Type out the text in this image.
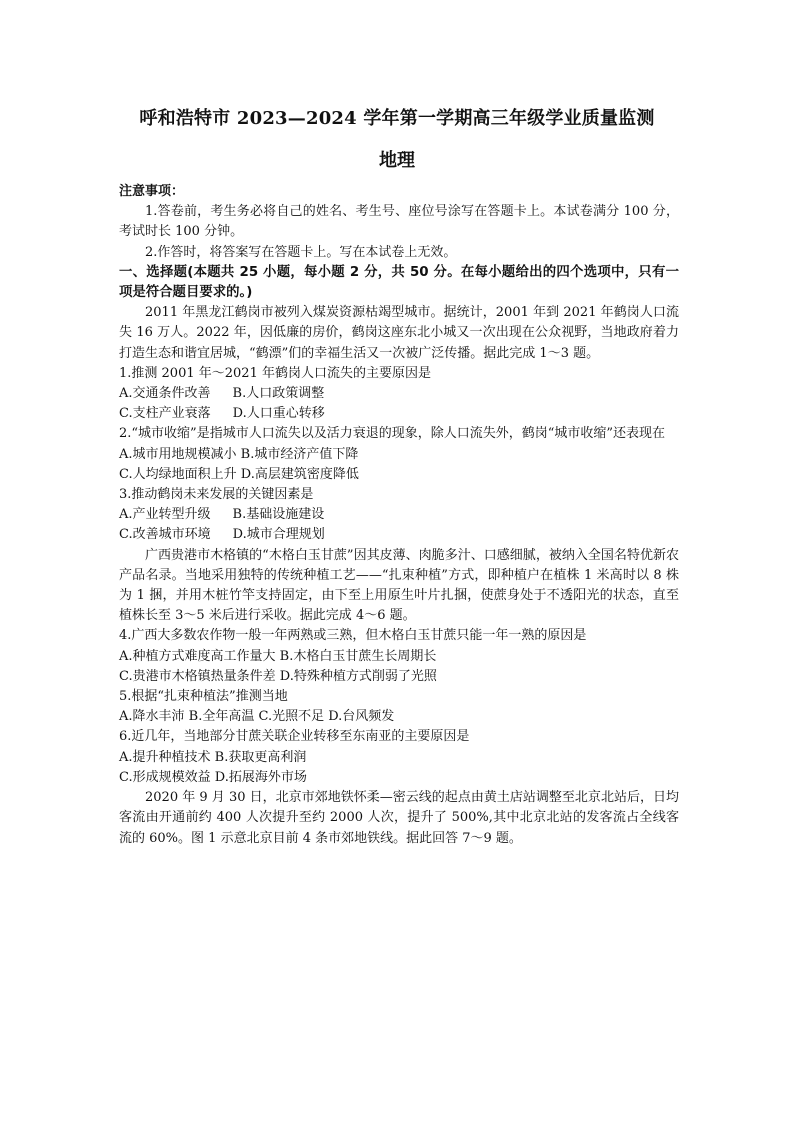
呼和浩特市 2023—2024 学年第一学期高三年级学业质量监测
地理

注意事项：

1.答卷前，考生务必将自己的姓名、考生号、座位号涂写在答题卡上。本试卷满分 100 分，考试时长 100 分钟。

2.作答时，将答案写在答题卡上。写在本试卷上无效。

一、选择题(本题共 25 小题，每小题 2 分，共 50 分。在每小题给出的四个选项中，只有一项是符合题目要求的。)

2011 年黑龙江鹤岗市被列入煤炭资源枯竭型城市。据统计，2001 年到 2021 年鹤岗人口流失 16 万人。2022 年，因低廉的房价，鹤岗这座东北小城又一次出现在公众视野，当地政府着力打造生态和谐宜居城，“鹤漂”们的幸福生活又一次被广泛传播。据此完成 1～3 题。

1.推测 2001 年～2021 年鹤岗人口流失的主要原因是

A.交通条件改善 B.人口政策调整

C.支柱产业衰落 D.人口重心转移

2.“城市收缩”是指城市人口流失以及活力衰退的现象，除人口流失外，鹤岗“城市收缩”还表现在

A.城市用地规模减小 B.城市经济产值下降

C.人均绿地面积上升 D.高层建筑密度降低

3.推动鹤岗未来发展的关键因素是

A.产业转型升级 B.基础设施建设

C.改善城市环境 D.城市合理规划

广西贵港市木格镇的“木格白玉甘蔗”因其皮薄、肉脆多汁、口感细腻，被纳入全国名特优新农产品名录。当地采用独特的传统种植工艺——“扎束种植”方式，即种植户在植株 1 米高时以 8 株为 1 捆，并用木桩竹竿支持固定，由下至上用原生叶片扎捆，使蔗身处于不透阳光的状态，直至植株长至 3～5 米后进行采收。据此完成 4～6 题。

4.广西大多数农作物一般一年两熟或三熟，但木格白玉甘蔗只能一年一熟的原因是

A.种植方式难度高工作量大 B.木格白玉甘蔗生长周期长

C.贵港市木格镇热量条件差 D.特殊种植方式削弱了光照

5.根据“扎束种植法”推测当地

A.降水丰沛 B.全年高温 C.光照不足 D.台风频发

6.近几年，当地部分甘蔗关联企业转移至东南亚的主要原因是

A.提升种植技术 B.获取更高利润

C.形成规模效益 D.拓展海外市场

2020 年 9 月 30 日，北京市郊地铁怀柔—密云线的起点由黄土店站调整至北京北站后，日均客流由开通前约 400 人次提升至约 2000 人次，提升了 500%,其中北京北站的发客流占全线客流的 60%。图 1 示意北京目前 4 条市郊地铁线。据此回答 7～9 题。
